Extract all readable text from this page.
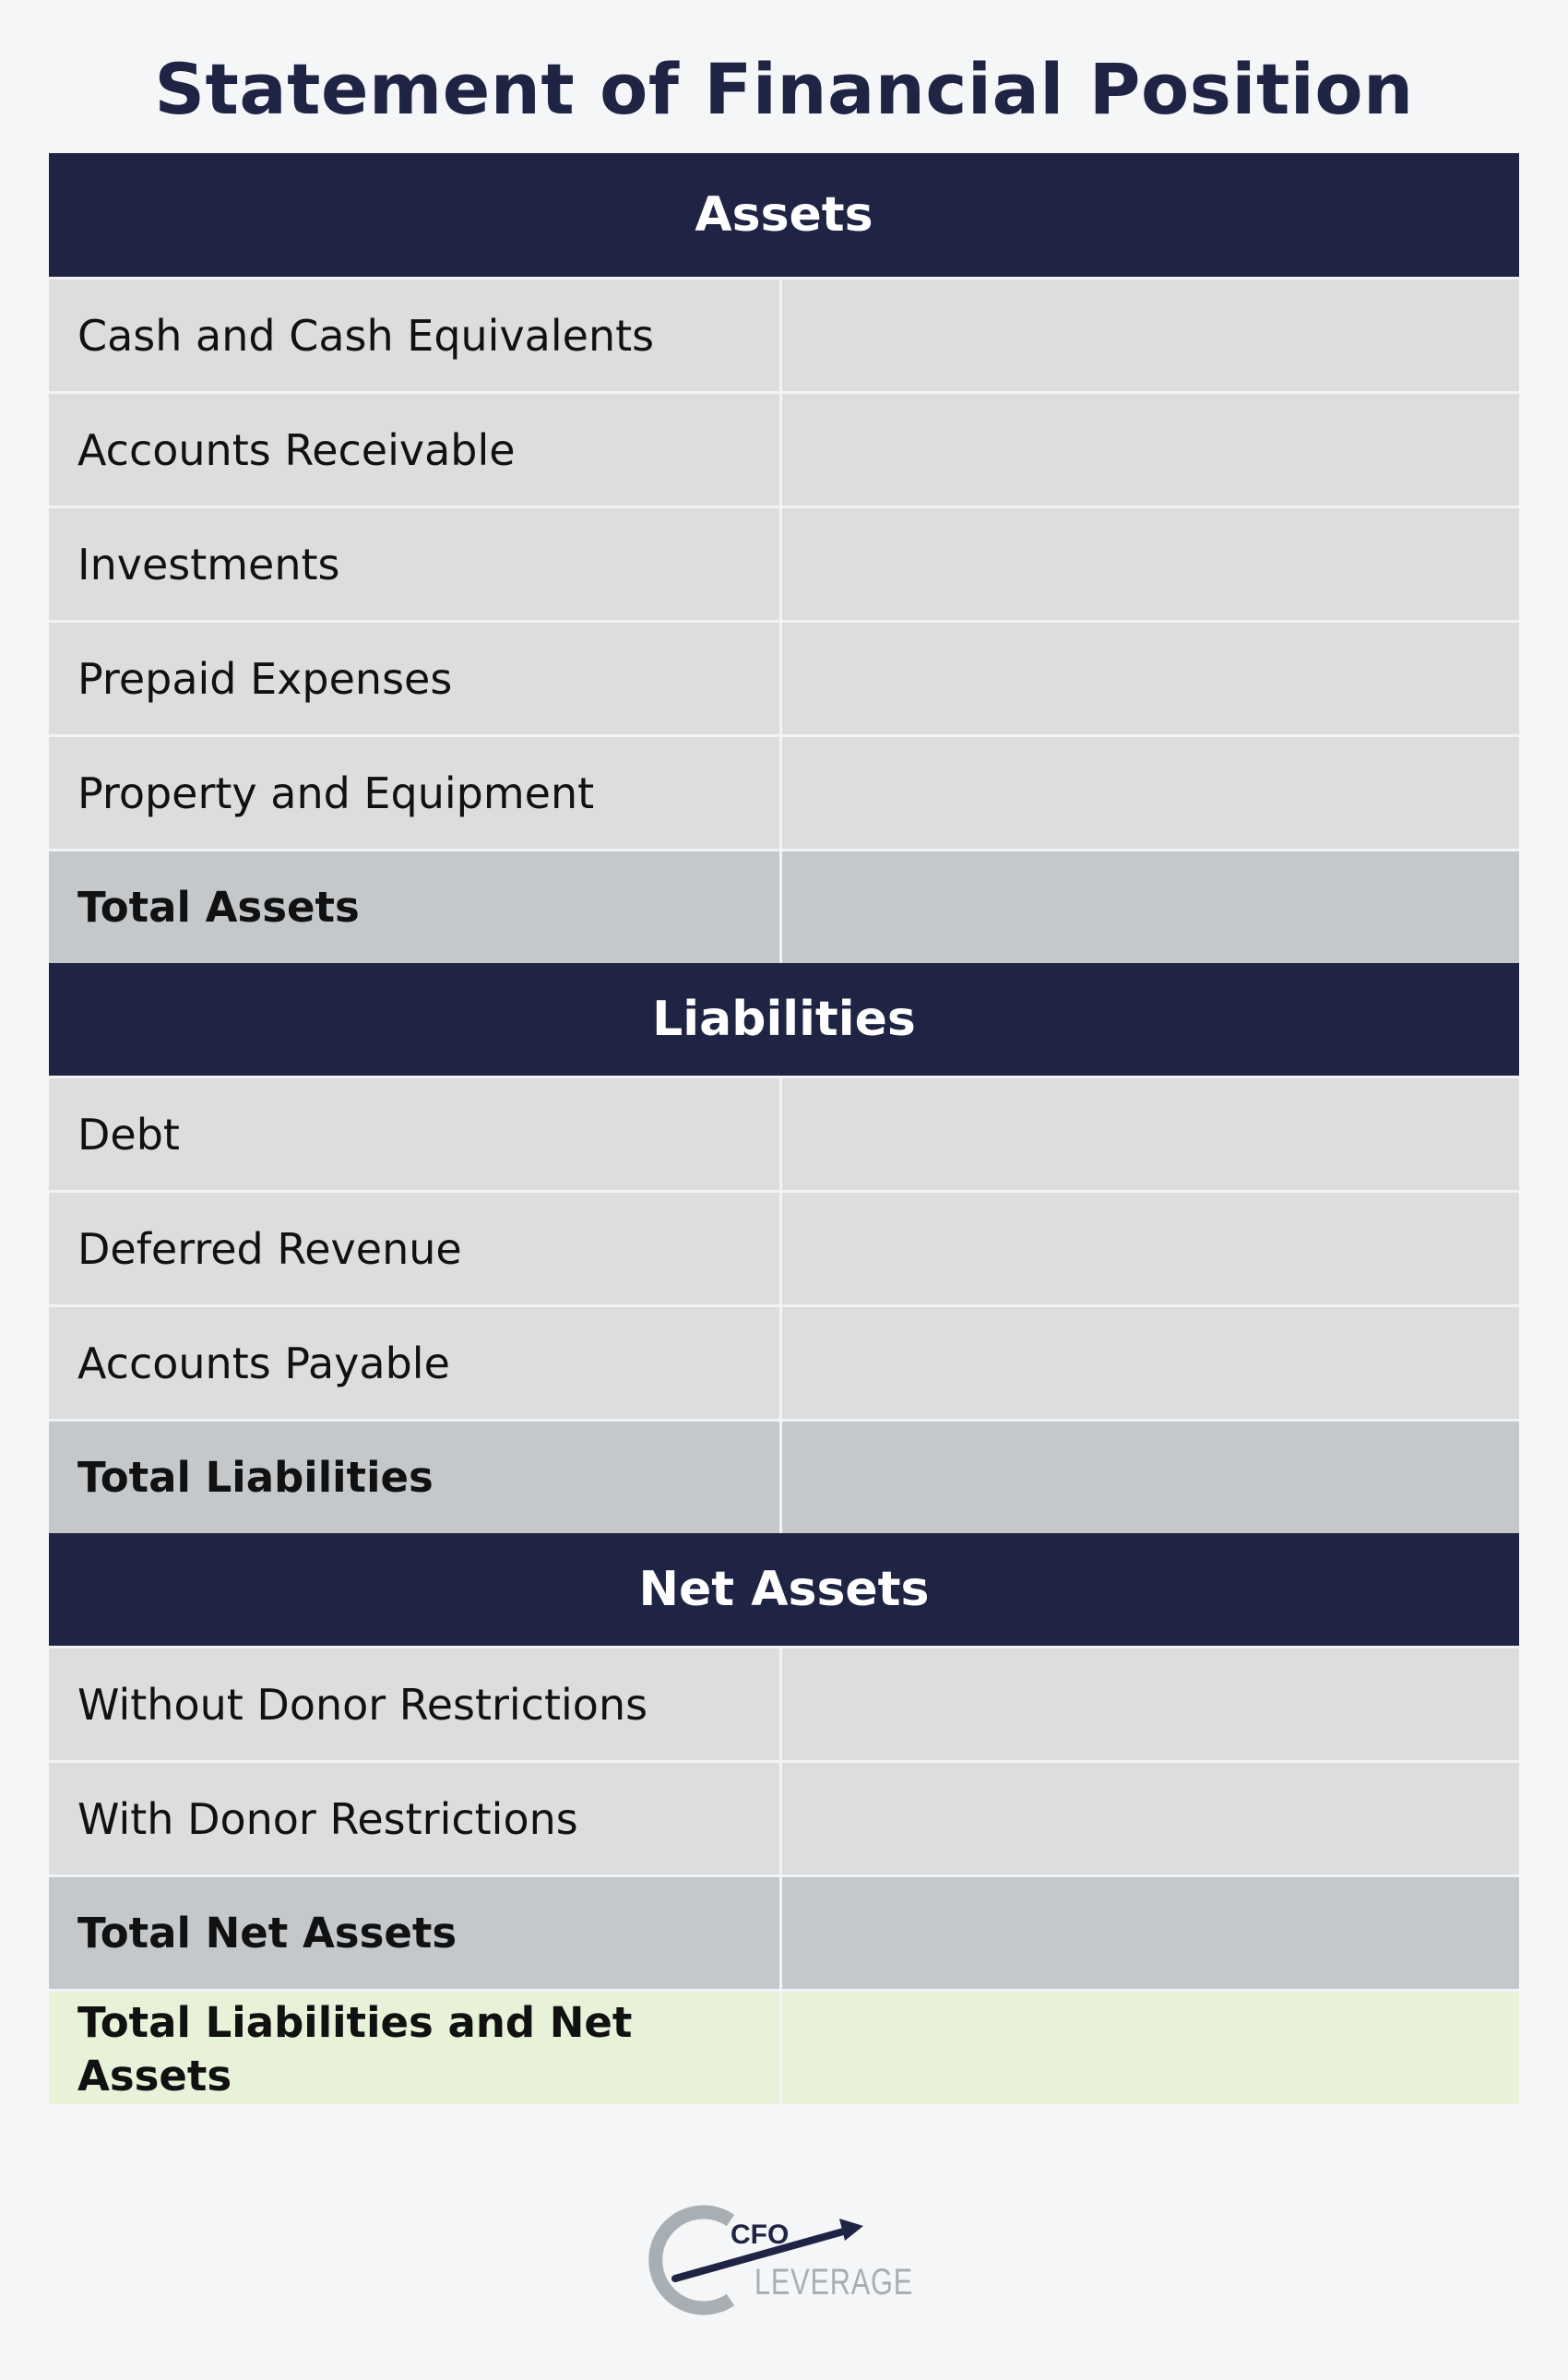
Statement of Financial Position
Assets
Cash and Cash Equivalents
Accounts Receivable
Investments
Prepaid Expenses
Property and Equipment
Total Assets
Liabilities
Debt
Deferred Revenue
Accounts Payable
Total Liabilities
Net Assets
Without Donor Restrictions
With Donor Restrictions
Total Net Assets
Total Liabilities and Net
Assets
CFO
LEVERAGE
